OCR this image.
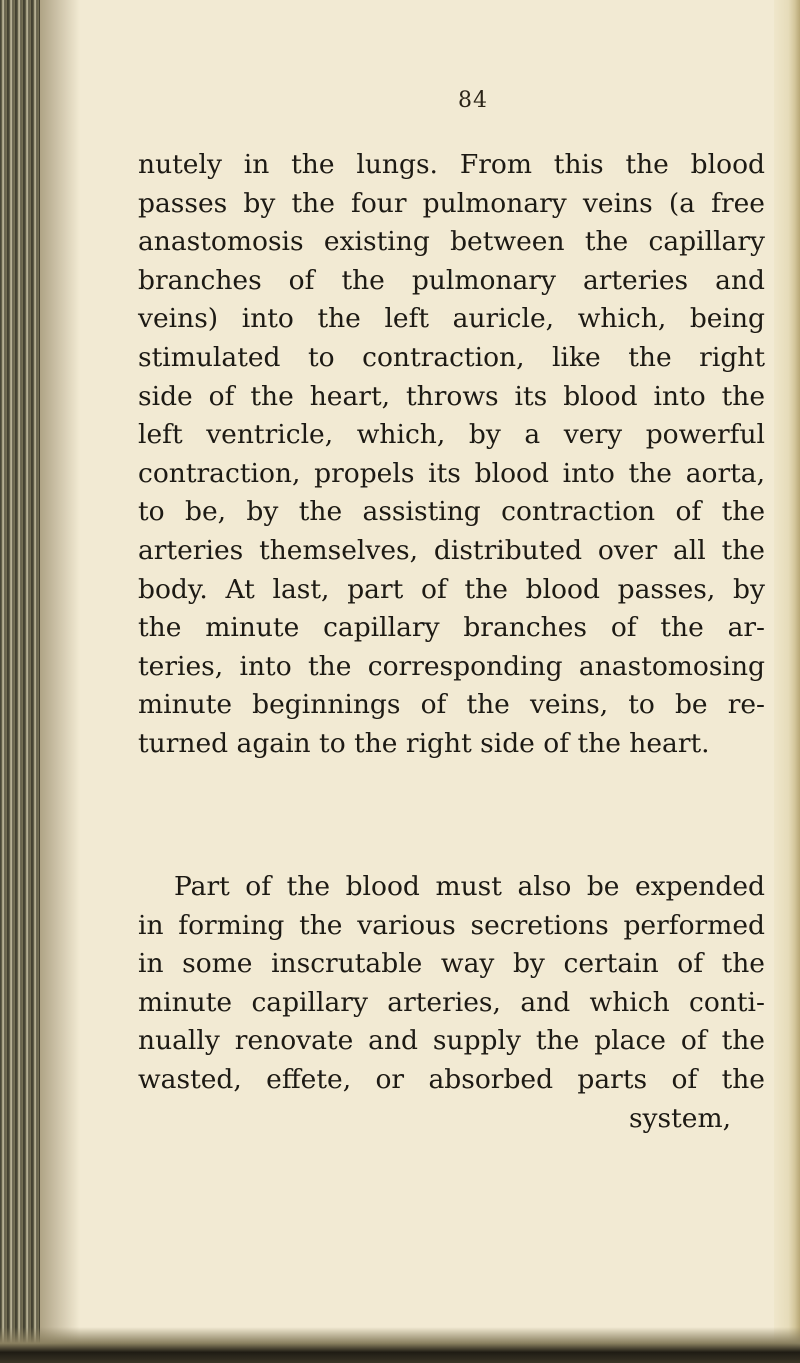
84
nutely in the lungs. From this the blood
passes by the four pulmonary veins (a free
anastomosis existing between the capillary
branches of the pulmonary arteries and
veins) into the left auricle, which, being
stimulated to contraction, like the right
side of the heart, throws its blood into the
left ventricle, which, by a very powerful
contraction, propels its blood into the aorta,
to be, by the assisting contraction of the
arteries themselves, distributed over all the
body. At last, part of the blood passes, by
the minute capillary branches of the ar-
teries, into the corresponding anastomosing
minute beginnings of the veins, to be re-
turned again to the right side of the heart.
Part of the blood must also be expended
in forming the various secretions performed
in some inscrutable way by certain of the
minute capillary arteries, and which conti-
nually renovate and supply the place of the
wasted, effete, or absorbed parts of the
system,
